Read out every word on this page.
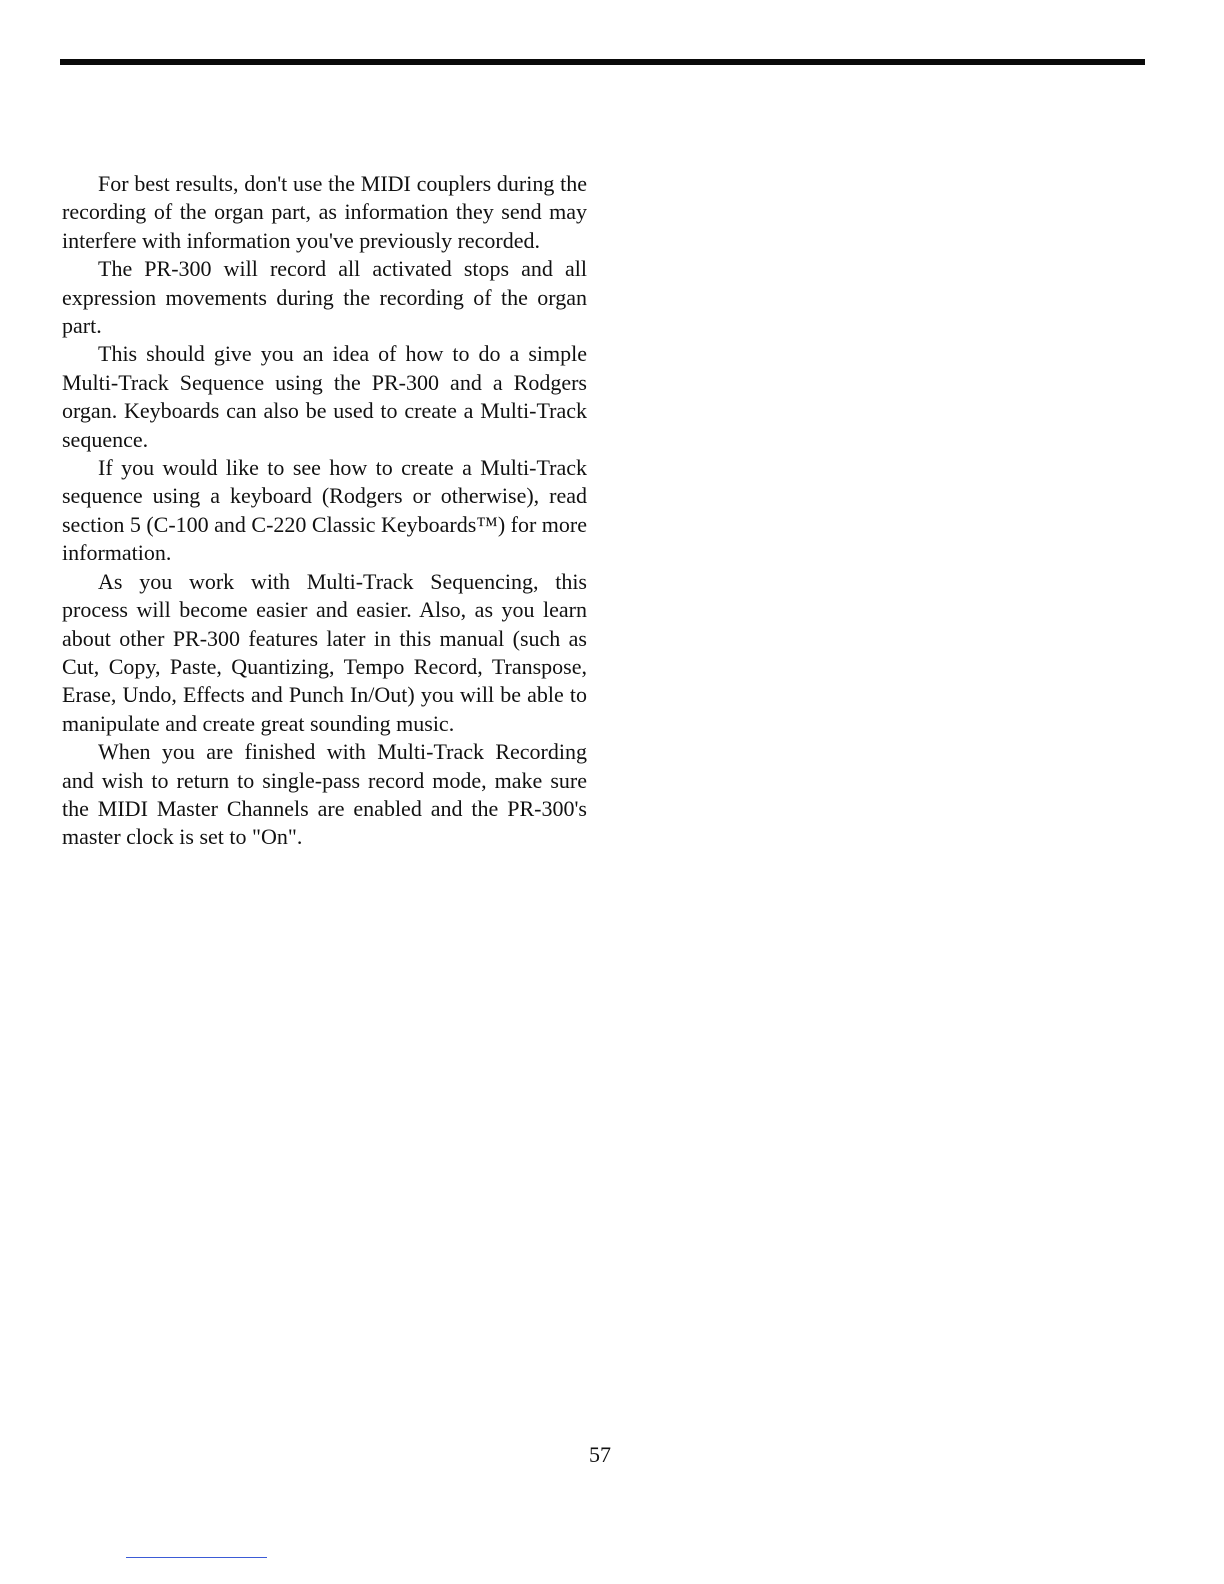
For best results, don't use the MIDI couplers during the recording of the organ part, as information they send may interfere with information you've previously recorded.

The PR-300 will record all activated stops and all expression movements during the recording of the organ part.

This should give you an idea of how to do a simple Multi-Track Sequence using the PR-300 and a Rodgers organ. Keyboards can also be used to create a Multi-Track sequence.

If you would like to see how to create a Multi-Track sequence using a keyboard (Rodgers or otherwise), read section 5 (C-100 and C-220 Classic Keyboards™) for more information.

As you work with Multi-Track Sequencing, this process will become easier and easier. Also, as you learn about other PR-300 features later in this manual (such as Cut, Copy, Paste, Quantizing, Tempo Record, Transpose, Erase, Undo, Effects and Punch In/Out) you will be able to manipulate and create great sounding music.

When you are finished with Multi-Track Recording and wish to return to single-pass record mode, make sure the MIDI Master Channels are enabled and the PR-300's master clock is set to "On".

57
